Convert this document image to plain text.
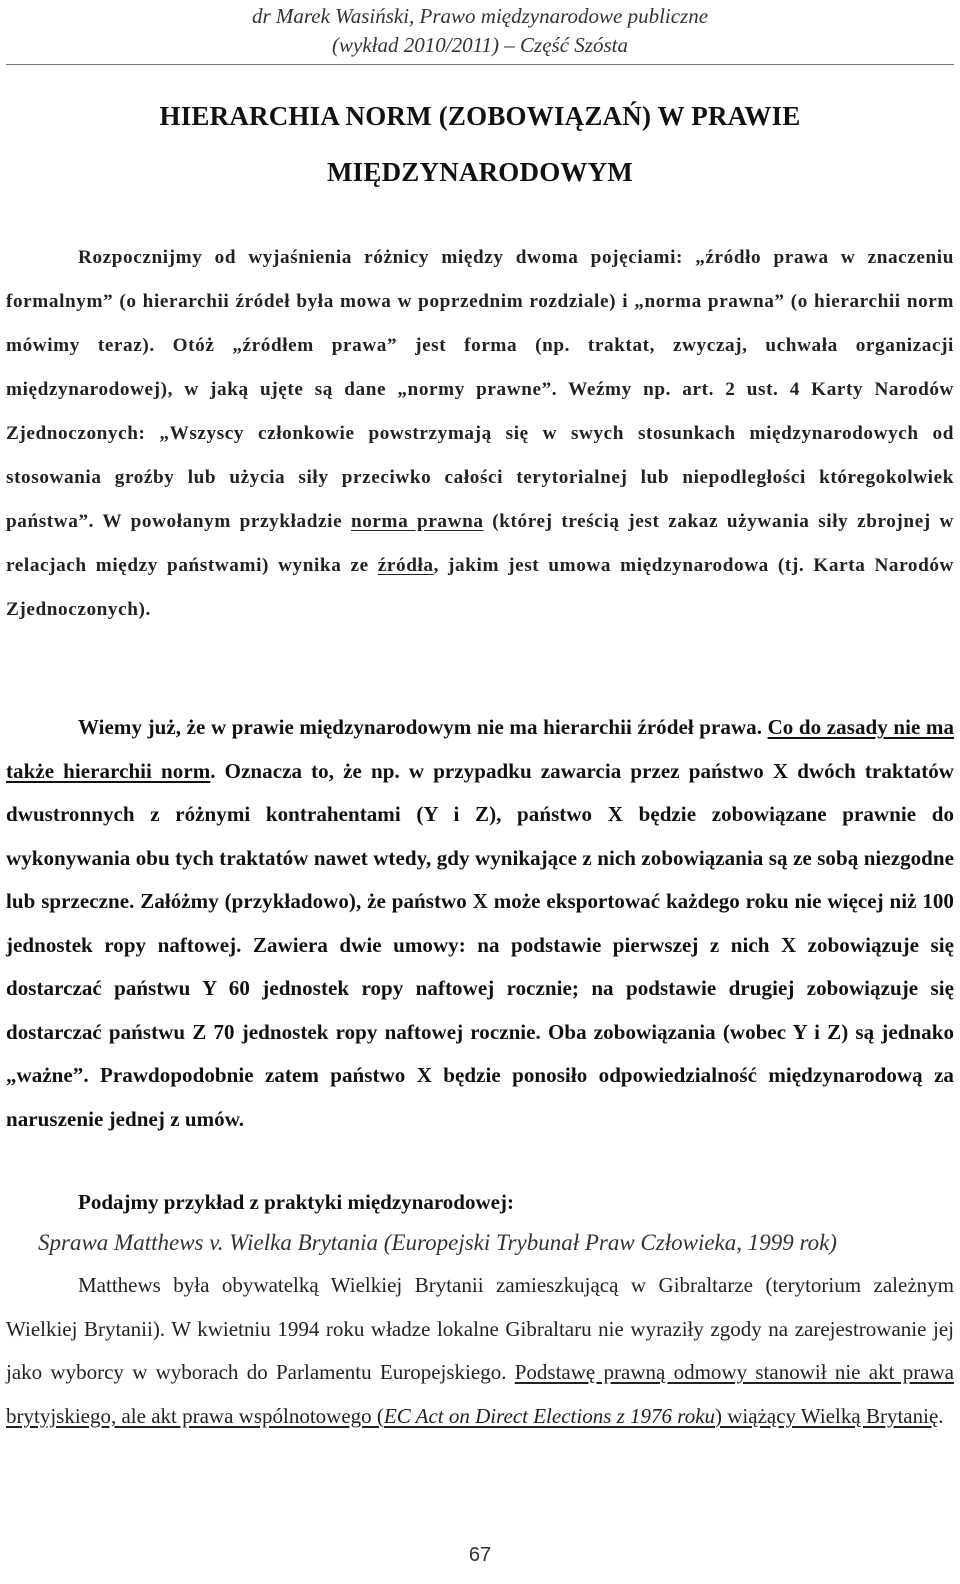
dr Marek Wasiński, Prawo międzynarodowe publiczne
(wykład 2010/2011) – Część Szósta
HIERARCHIA NORM (ZOBOWIĄZAŃ) W PRAWIE
MIĘDZYNARODOWYM
Rozpocznijmy od wyjaśnienia różnicy między dwoma pojęciami: „źródło prawa w znaczeniu formalnym” (o hierarchii źródeł była mowa w poprzednim rozdziale) i „norma prawna” (o hierarchii norm mówimy teraz). Otóż „źródłem prawa” jest forma (np. traktat, zwyczaj, uchwała organizacji międzynarodowej), w jaką ujęte są dane „normy prawne”. Weźmy np. art. 2 ust. 4 Karty Narodów Zjednoczonych: „Wszyscy członkowie powstrzymają się w swych stosunkach międzynarodowych od stosowania groźby lub użycia siły przeciwko całości terytorialnej lub niepodległości któregokolwiek państwa”. W powołanym przykładzie norma prawna (której treścią jest zakaz używania siły zbrojnej w relacjach między państwami) wynika ze źródła, jakim jest umowa międzynarodowa (tj. Karta Narodów Zjednoczonych).
Wiemy już, że w prawie międzynarodowym nie ma hierarchii źródeł prawa. Co do zasady nie ma także hierarchii norm. Oznacza to, że np. w przypadku zawarcia przez państwo X dwóch traktatów dwustronnych z różnymi kontrahentami (Y i Z), państwo X będzie zobowiązane prawnie do wykonywania obu tych traktatów nawet wtedy, gdy wynikające z nich zobowiązania są ze sobą niezgodne lub sprzeczne. Załóżmy (przykładowo), że państwo X może eksportować każdego roku nie więcej niż 100 jednostek ropy naftowej. Zawiera dwie umowy: na podstawie pierwszej z nich X zobowiązuje się dostarczać państwu Y 60 jednostek ropy naftowej rocznie; na podstawie drugiej zobowiązuje się dostarczać państwu Z 70 jednostek ropy naftowej rocznie. Oba zobowiązania (wobec Y i Z) są jednako „ważne”. Prawdopodobnie zatem państwo X będzie ponosiło odpowiedzialność międzynarodową za naruszenie jednej z umów.
Podajmy przykład z praktyki międzynarodowej:
Sprawa Matthews v. Wielka Brytania (Europejski Trybunał Praw Człowieka, 1999 rok)
Matthews była obywatelką Wielkiej Brytanii zamieszkującą w Gibraltarze (terytorium zależnym Wielkiej Brytanii). W kwietniu 1994 roku władze lokalne Gibraltaru nie wyraziły zgody na zarejestrowanie jej jako wyborcy w wyborach do Parlamentu Europejskiego. Podstawę prawną odmowy stanowił nie akt prawa brytyjskiego, ale akt prawa wspólnotowego (EC Act on Direct Elections z 1976 roku) wiążący Wielką Brytanię.
67
